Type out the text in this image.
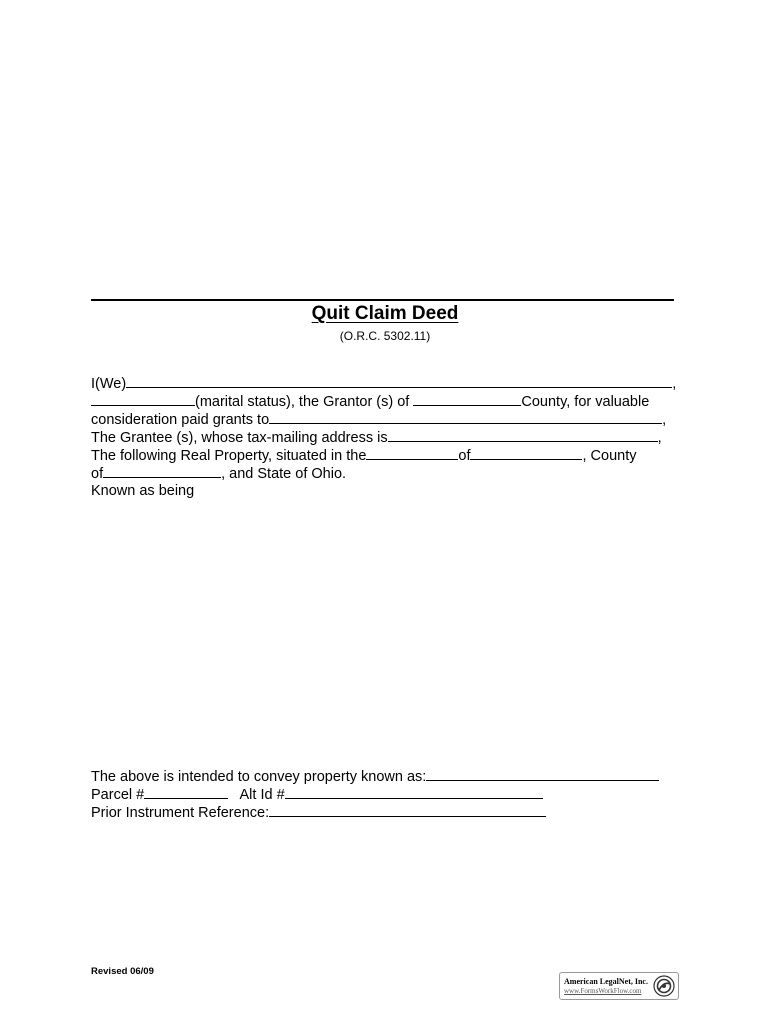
Quit Claim Deed
(O.R.C. 5302.11)
I(We)	,
(marital status), the Grantor (s) of	County, for valuable
consideration paid grants to	,
The Grantee (s), whose tax-mailing address is	,
The following Real Property, situated in the	of	, County
of	, and State of Ohio.
Known as being
The above is intended to convey property known as:
Parcel #	Alt Id #
Prior Instrument Reference:
Revised 06/09
American LegalNet, Inc.
www.FormsWorkFlow.com
